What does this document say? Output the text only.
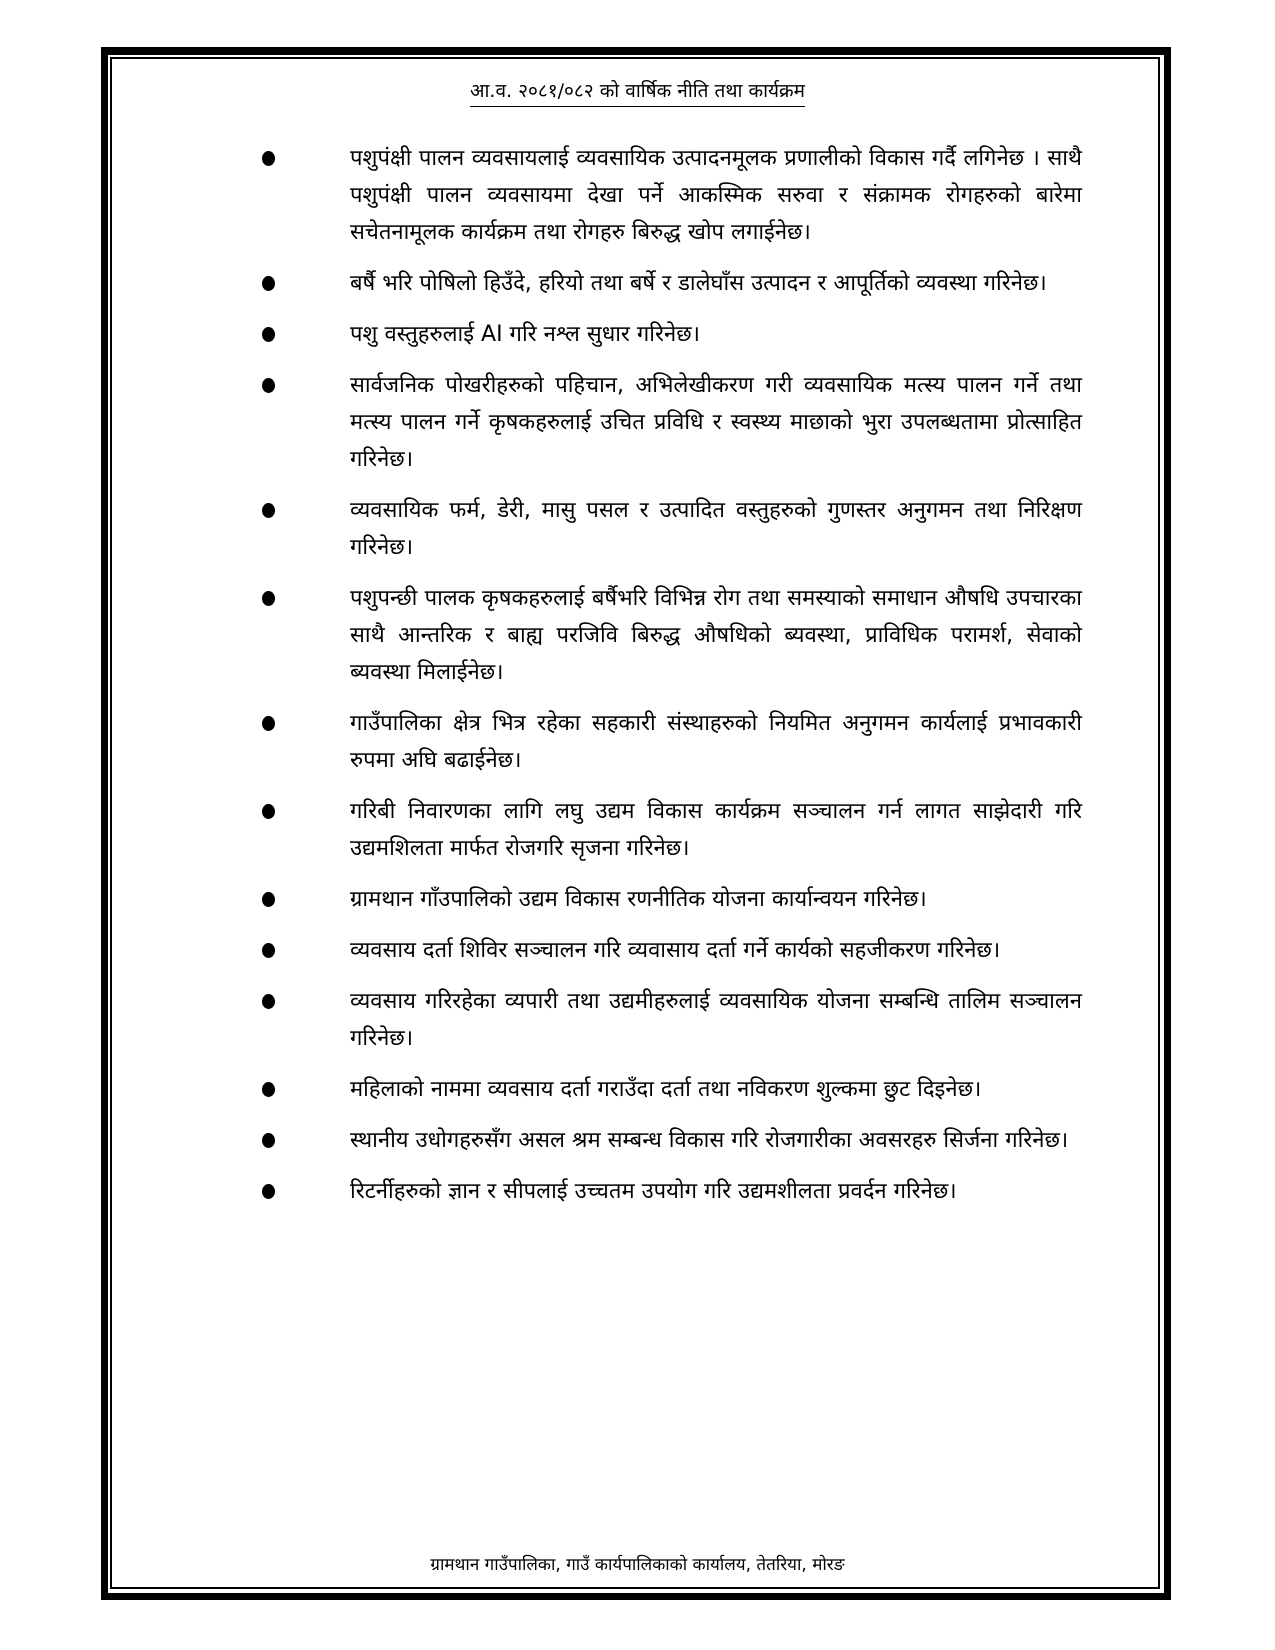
आ.व. २०८१/०८२ को वार्षिक नीति तथा कार्यक्रम
पशुपंक्षी पालन व्यवसायलाई व्यवसायिक उत्पादनमूलक प्रणालीको विकास गर्दै लगिनेछ । साथै पशुपंक्षी पालन व्यवसायमा देखा पर्ने आकस्मिक सरुवा र संक्रामक रोगहरुको बारेमा सचेतनामूलक कार्यक्रम तथा रोगहरु बिरुद्ध खोप लगाईनेछ।
बर्षै भरि पोषिलो हिउँदे, हरियो तथा बर्षे र डालेघाँस उत्पादन र आपूर्तिको व्यवस्था गरिनेछ।
पशु वस्तुहरुलाई AI गरि नश्ल सुधार गरिनेछ।
सार्वजनिक पोखरीहरुको पहिचान, अभिलेखीकरण गरी व्यवसायिक मत्स्य पालन गर्ने तथा मत्स्य पालन गर्ने कृषकहरुलाई उचित प्रविधि र स्वस्थ्य माछाको भुरा उपलब्धतामा प्रोत्साहित गरिनेछ।
व्यवसायिक फर्म, डेरी, मासु पसल र उत्पादित वस्तुहरुको गुणस्तर अनुगमन तथा निरिक्षण गरिनेछ।
पशुपन्छी पालक कृषकहरुलाई बर्षैभरि विभिन्न रोग तथा समस्याको समाधान औषधि उपचारका साथै आन्तरिक र बाह्य परजिवि बिरुद्ध औषधिको ब्यवस्था, प्राविधिक परामर्श, सेवाको ब्यवस्था मिलाईनेछ।
गाउँपालिका क्षेत्र भित्र रहेका सहकारी संस्थाहरुको नियमित अनुगमन कार्यलाई प्रभावकारी रुपमा अघि बढाईनेछ।
गरिबी निवारणका लागि लघु उद्यम विकास कार्यक्रम सञ्चालन गर्न लागत साझेदारी गरि उद्यमशिलता मार्फत रोजगरि सृजना गरिनेछ।
ग्रामथान गाँउपालिको उद्यम विकास रणनीतिक योजना कार्यान्वयन गरिनेछ।
व्यवसाय दर्ता शिविर सञ्चालन गरि व्यवासाय दर्ता गर्ने कार्यको सहजीकरण गरिनेछ।
व्यवसाय गरिरहेका व्यपारी तथा उद्यमीहरुलाई व्यवसायिक योजना सम्बन्धि तालिम सञ्चालन गरिनेछ।
महिलाको नाममा व्यवसाय दर्ता गराउँदा दर्ता तथा नविकरण शुल्कमा छुट दिइनेछ।
स्थानीय उधोगहरुसँग असल श्रम सम्बन्ध विकास गरि रोजगारीका अवसरहरु सिर्जना गरिनेछ।
रिटर्नीहरुको ज्ञान र सीपलाई उच्चतम उपयोग गरि उद्यमशीलता प्रवर्दन गरिनेछ।
ग्रामथान गाउँपालिका, गाउँ कार्यपालिकाको कार्यालय, तेतरिया, मोरङ
